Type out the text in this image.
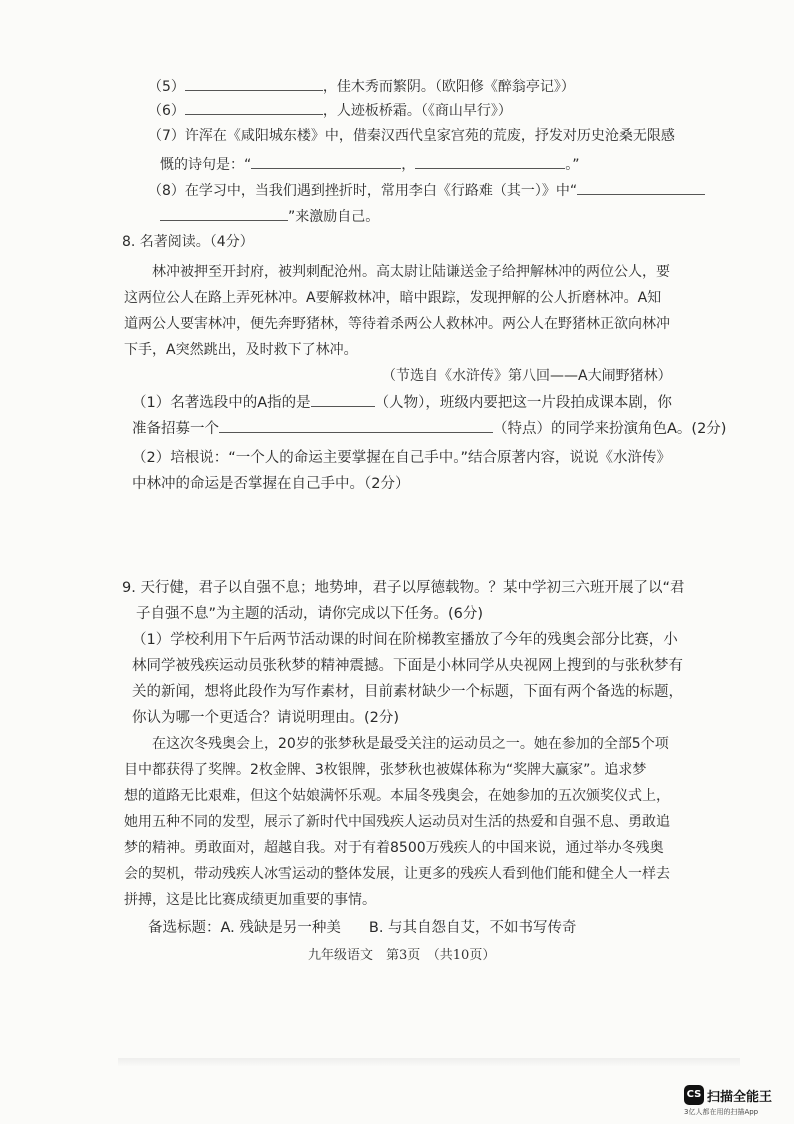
（5）	，佳木秀而繁阴。（欧阳修《醉翁亭记》）
（6）	，人迹板桥霜。（《商山早行》）
（7）许浑在《咸阳城东楼》中，借秦汉西代皇家宫苑的荒废，抒发对历史沧桑无限感
慨的诗句是：“	，	。”
（8）在学习中，当我们遇到挫折时，常用李白《行路难（其一）》中“
”来激励自己。
8. 名著阅读。（4分）
林冲被押至开封府，被判刺配沧州。高太尉让陆谦送金子给押解林冲的两位公人，要
这两位公人在路上弄死林冲。A要解救林冲，暗中跟踪，发现押解的公人折磨林冲。A知
道两公人要害林冲，便先奔野猪林，等待着杀两公人救林冲。两公人在野猪林正欲向林冲
下手，A突然跳出，及时救下了林冲。
（节选自《水浒传》第八回——A大闹野猪林）
（1）名著选段中的A指的是	（人物），班级内要把这一片段拍成课本剧，你
准备招募一个	（特点）的同学来扮演角色A。(2分)
（2）培根说：“一个人的命运主要掌握在自己手中。”结合原著内容，说说《水浒传》
中林冲的命运是否掌握在自己手中。（2分）
9. 天行健，君子以自强不息；地势坤，君子以厚德载物。？某中学初三六班开展了以“君
子自强不息”为主题的活动，请你完成以下任务。(6分)
（1）学校利用下午后两节活动课的时间在阶梯教室播放了今年的残奥会部分比赛，小
林同学被残疾运动员张秋梦的精神震撼。下面是小林同学从央视网上搜到的与张秋梦有
关的新闻，想将此段作为写作素材，目前素材缺少一个标题，下面有两个备选的标题，
你认为哪一个更适合？请说明理由。(2分)
在这次冬残奥会上，20岁的张梦秋是最受关注的运动员之一。她在参加的全部5个项
目中都获得了奖牌。2枚金牌、3枚银牌，张梦秋也被媒体称为“奖牌大赢家”。追求梦
想的道路无比艰难，但这个姑娘满怀乐观。本届冬残奥会，在她参加的五次颁奖仪式上，
她用五种不同的发型，展示了新时代中国残疾人运动员对生活的热爱和自强不息、勇敢追
梦的精神。勇敢面对，超越自我。对于有着8500万残疾人的中国来说，通过举办冬残奥
会的契机，带动残疾人冰雪运动的整体发展，让更多的残疾人看到他们能和健全人一样去
拼搏，这是比比赛成绩更加重要的事情。
备选标题：A. 残缺是另一种美 B. 与其自怨自艾，不如书写传奇
九年级语文　第3页　（共10页）
CS 扫描全能王
3亿人都在用的扫描App
